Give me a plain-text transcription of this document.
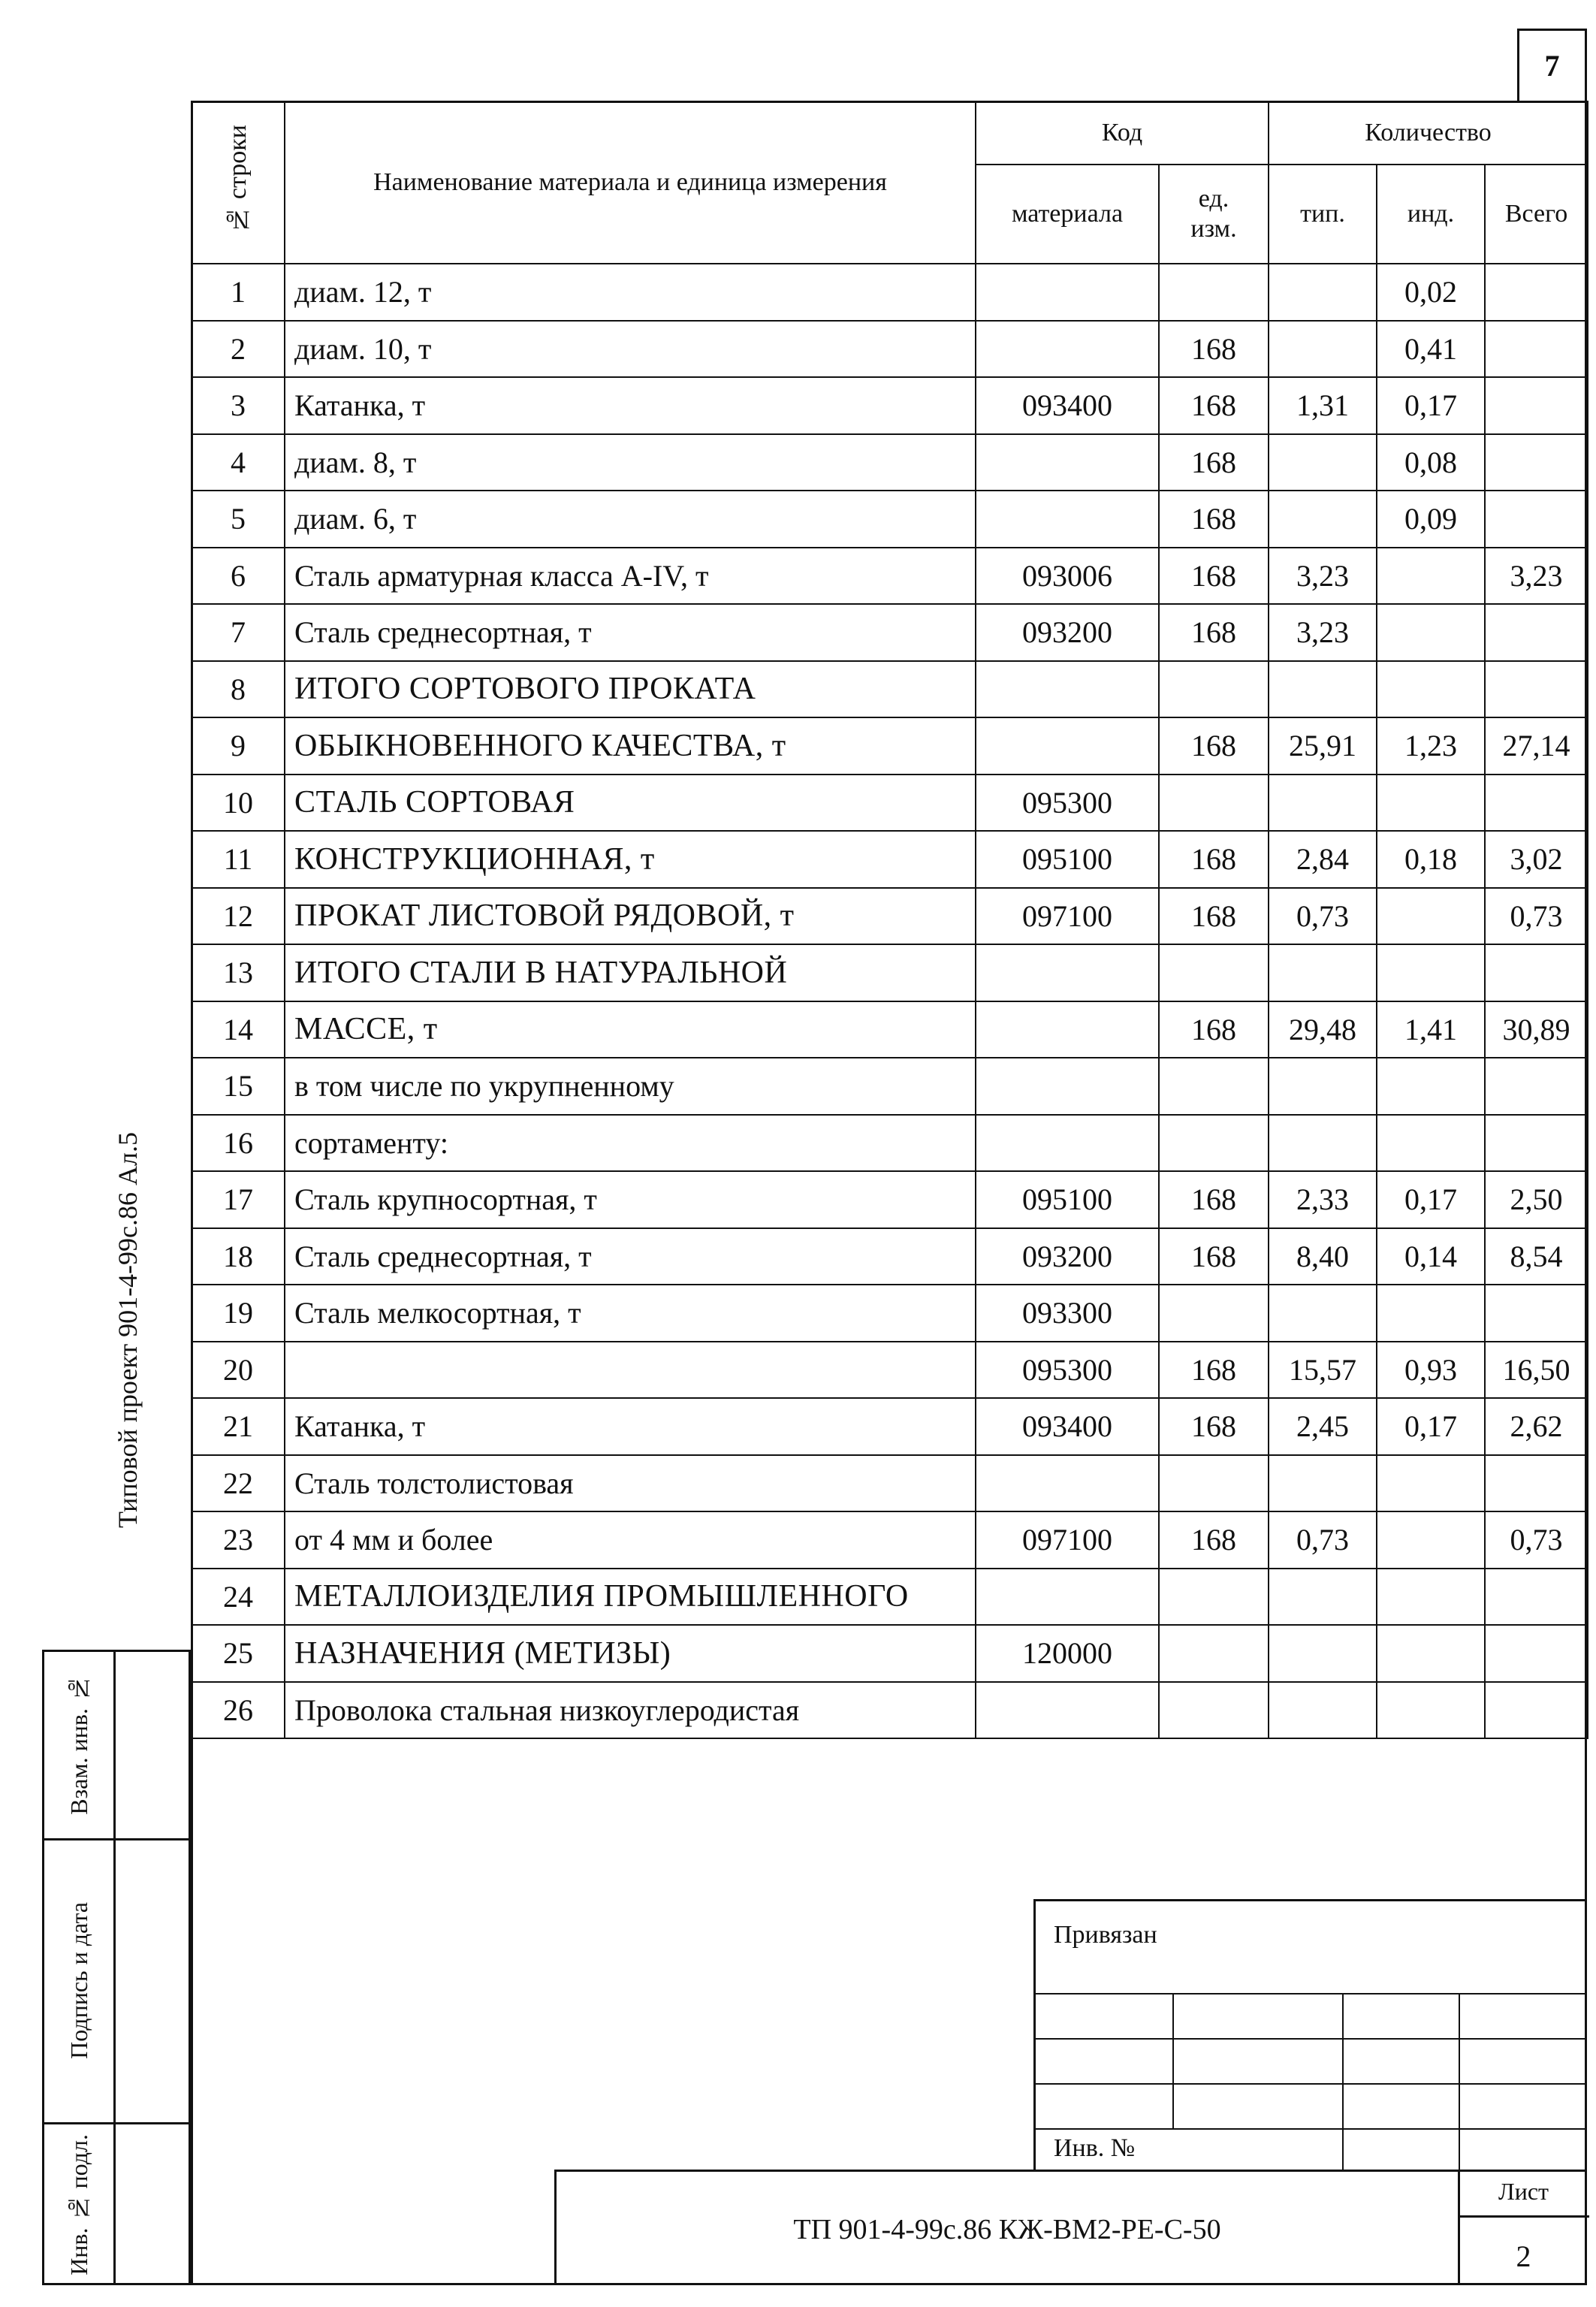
7
№ строки	Наименование материала и единица измерения	Код		Количество		
		материала	ед. изм.	тип.	инд.	Всего
1	диам. 12, т				0,02	
2	диам. 10, т		168		0,41	
3	Катанка, т	093400	168	1,31	0,17	
4	диам. 8, т		168		0,08	
5	диам. 6, т		168		0,09	
6	Сталь арматурная класса A-IV, т	093006	168	3,23		3,23
7	Сталь среднесортная, т	093200	168	3,23		
8	ИТОГО СОРТОВОГО ПРОКАТА					
9	ОБЫКНОВЕННОГО КАЧЕСТВА, т		168	25,91	1,23	27,14
10	СТАЛЬ СОРТОВАЯ	095300				
11	КОНСТРУКЦИОННАЯ, т	095100	168	2,84	0,18	3,02
12	ПРОКАТ ЛИСТОВОЙ РЯДОВОЙ, т	097100	168	0,73		0,73
13	ИТОГО СТАЛИ В НАТУРАЛЬНОЙ					
14	МАССЕ, т		168	29,48	1,41	30,89
15	в том числе по укрупненному					
16	сортаменту:					
17	Сталь крупносортная, т	095100	168	2,33	0,17	2,50
18	Сталь среднесортная, т	093200	168	8,40	0,14	8,54
19	Сталь мелкосортная, т	093300				
20		095300	168	15,57	0,93	16,50
21	Катанка, т	093400	168	2,45	0,17	2,62
22	Сталь толстолистовая					
23	от 4 мм и более	097100	168	0,73		0,73
24	МЕТАЛЛОИЗДЕЛИЯ ПРОМЫШЛЕННОГО					
25	НАЗНАЧЕНИЯ (МЕТИЗЫ)	120000				
26	Проволока стальная низкоуглеродистая					
Типовой проект 901-4-99с.86 Ал.5
Взам. инв. №
Подпись и дата
Инв. № подл.
Привязан
Инв. №
ТП 901-4-99с.86 КЖ-ВМ2-РЕ-С-50
Лист
2
